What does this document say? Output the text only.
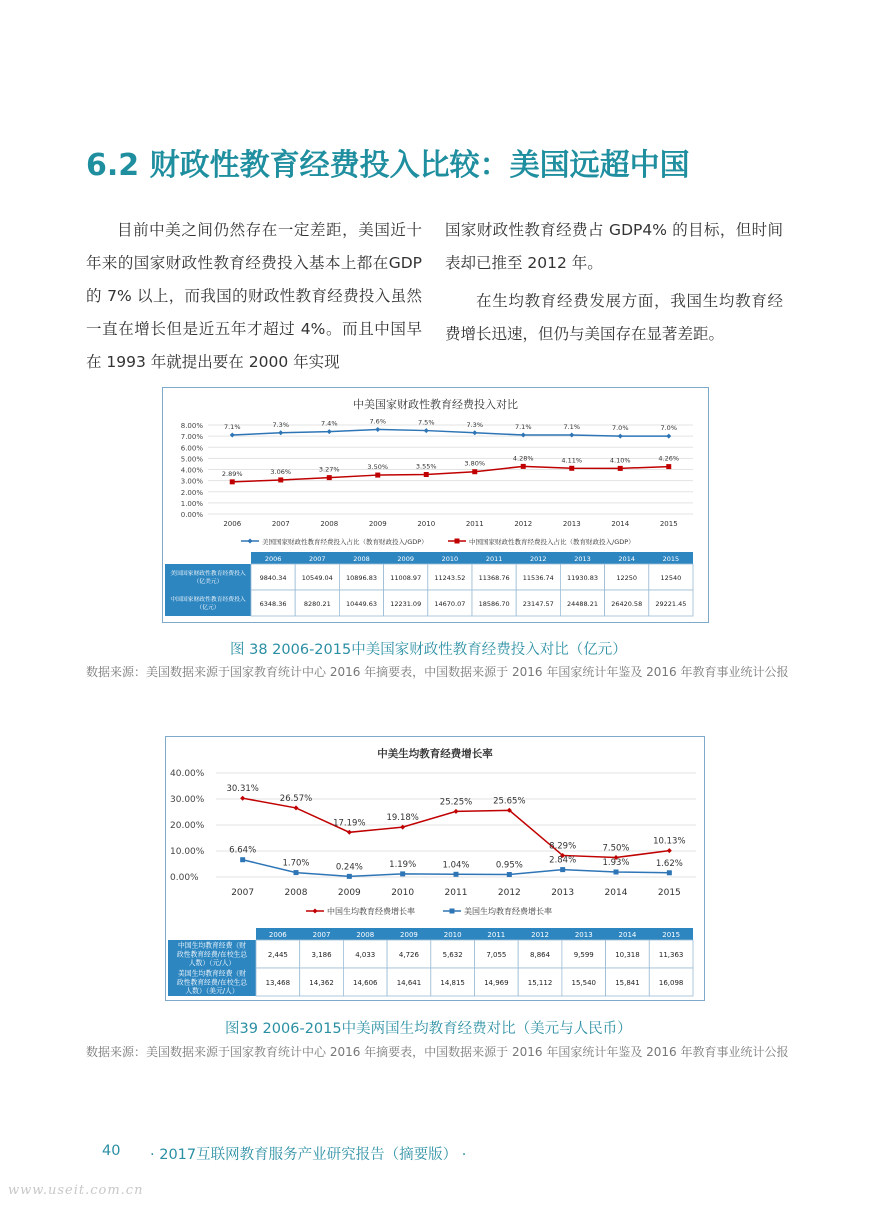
6.2 财政性教育经费投入比较：美国远超中国

目前中美之间仍然存在一定差距，美国近十年来的国家财政性教育经费投入基本上都在GDP 的 7% 以上，而我国的财政性教育经费投入虽然一直在增长但是近五年才超过 4%。而且中国早在 1993 年就提出要在 2000 年实现

国家财政性教育经费占 GDP4% 的目标，但时间表却已推至 2012 年。

在生均教育经费发展方面，我国生均教育经费增长迅速，但仍与美国存在显著差距。

中美国家财政性教育经费投入对比
8.00%
7.00%
6.00%
5.00%
4.00%
3.00%
2.00%
1.00%
0.00%
2006	2007	2008	2009	2010	2011	2012	2013	2014	2015
7.1%	7.3%	7.4%	7.6%	7.5%	7.3%	7.1%	7.1%	7.0%	7.0%
2.89%	3.06%	3.27%	3.50%	3.55%	3.80%
4.28%	4.11%	4.10%	4.26%
美国国家财政性教育经费投入占比（教育财政投入/GDP）	中国国家财政性教育经费投入占比（教育财政投入/GDP）
2006	2007	2008	2009	2010	2011	2012	2013	2014	2015
美国国家财政性教育经费投入
（亿美元）	9840.34 10549.04 10896.83 11008.97 11243.52 11368.76 11536.74 11930.83	12250	12540
中国国家财政性教育经费投入
（亿元）	6348.36	8280.21 10449.63 12231.09 14670.07 18586.70 23147.57 24488.21 26420.58 29221.45
图 38 2006-2015中美国家财政性教育经费投入对比（亿元）
数据来源：美国数据来源于国家教育统计中心 2016 年摘要表，中国数据来源于 2016 年国家统计年鉴及 2016 年教育事业统计公报
中美生均教育经费增长率
40.00%
30.00%
20.00%
10.00%
0.00%
2007	2008	2009	2010	2011	2012	2013	2014	2015
30.31%
26.57%
17.19%
19.18%
25.25% 25.65%
8.29%	7.50%
10.13%
6.64%
1.70%	0.24%	1.19%	1.04%	0.95%	2.84%	1.93%	1.62%
中国生均教育经费增长率	美国生均教育经费增长率
2006	2007	2008	2009	2010	2011	2012	2013	2014	2015
中国生均教育经费（财
政性教育经费/在校生总
人数）（元/人）
2,445	3,186	4,033	4,726	5,632	7,055	8,864	9,599	10,318	11,363
美国生均教育经费（财
政性教育经费/在校生总
人数）（美元/人）
13,468	14,362	14,606	14,641	14,815	14,969	15,112	15,540	15,841	16,098
图39 2006-2015中美两国生均教育经费对比（美元与人民币）
数据来源：美国数据来源于国家教育统计中心 2016 年摘要表，中国数据来源于 2016 年国家统计年鉴及 2016 年教育事业统计公报
40 · 2017互联网教育服务产业研究报告（摘要版） ·
www.useit.com.cn
